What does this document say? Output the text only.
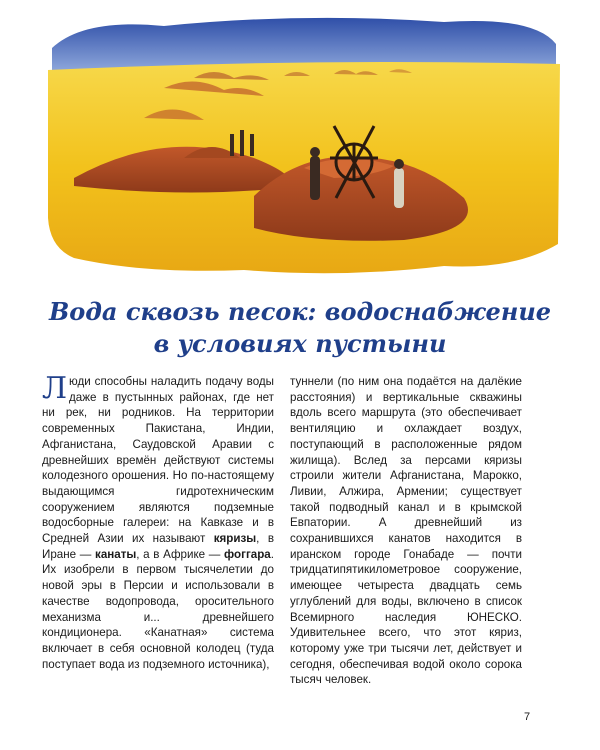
Вода сквозь песок: водоснабжение
в условиях пустыни

Люди способны наладить подачу воды даже в пустынных районах, где нет ни рек, ни родников. На территории современных Пакистана, Индии, Афганистана, Саудовской Аравии с древнейших времён действуют системы колодезного орошения. Но по-настоящему выдающимся гидротехническим сооружением являются подземные водосборные галереи: на Кавказе и в Средней Азии их называют кяризы, в Иране — канаты, а в Африке — фоггара. Их изобрели в первом тысячелетии до новой эры в Персии и использовали в качестве водопровода, оросительного механизма и... древнейшего кондиционера. «Канатная» система включает в себя основной колодец (туда поступает вода из подземного источника),

туннели (по ним она подаётся на далёкие расстояния) и вертикальные скважины вдоль всего маршрута (это обеспечивает вентиляцию и охлаждает воздух, поступающий в расположенные рядом жилища). Вслед за персами кяризы строили жители Афганистана, Марокко, Ливии, Алжира, Армении; существует такой подводный канал и в крымской Евпатории. А древнейший из сохранившихся канатов находится в иранском городе Гонабаде — почти тридцатипятикилометровое сооружение, имеющее четыреста двадцать семь углублений для воды, включено в список Всемирного наследия ЮНЕСКО. Удивительнее всего, что этот кяриз, которому уже три тысячи лет, действует и сегодня, обеспечивая водой около сорока тысяч человек.

7
